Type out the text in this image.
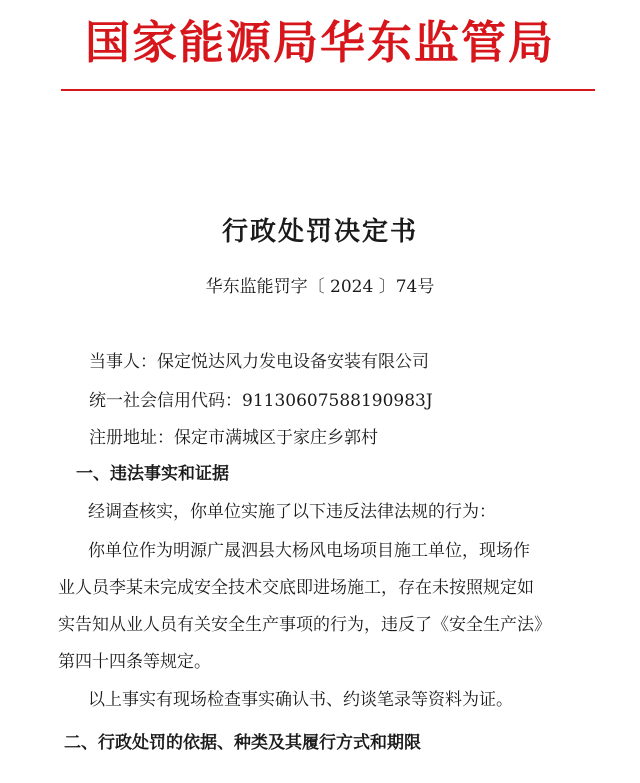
国家能源局华东监管局
行政处罚决定书
华东监能罚字〔 2024 〕74号
当事人：保定悦达风力发电设备安装有限公司
统一社会信用代码：91130607588190983J
注册地址：保定市满城区于家庄乡郭村
一、违法事实和证据
经调查核实，你单位实施了以下违反法律法规的行为：
你单位作为明源广晟泗县大杨风电场项目施工单位，现场作
业人员李某未完成安全技术交底即进场施工，存在未按照规定如
实告知从业人员有关安全生产事项的行为，违反了《安全生产法》
第四十四条等规定。
以上事实有现场检查事实确认书、约谈笔录等资料为证。
二、行政处罚的依据、种类及其履行方式和期限
